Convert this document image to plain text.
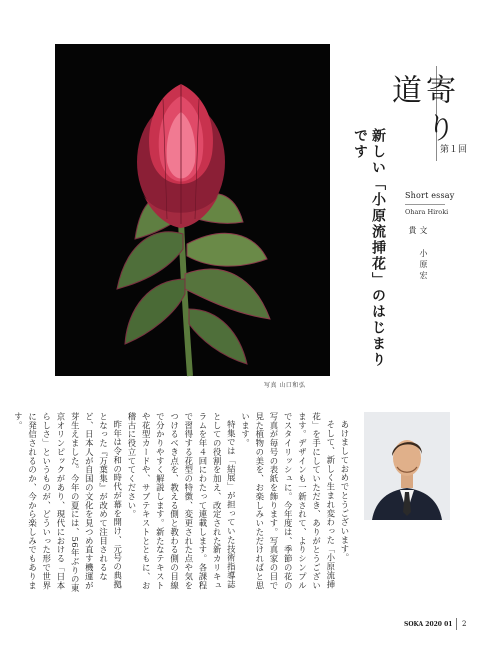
写真 山口和弘
寄り道
第１回
新しい「小原流挿花」のはじまりです
Short essay
Ohara Hiroki
文 小原宏貴

あけましておめでとうございます。

そして、新しく生まれ変わった「小原流挿花」を手にしていただき、ありがとうございます。デザインも一新されて、よりシンプルでスタイリッシュに。今年度は、季節の花の写真が毎号の表紙を飾ります。写真家の目で見た植物の美を、お楽しみいただければと思います。

特集では「結展」が担っていた技術指導誌としての役割を加え、改定された新カリキュラムを年４回にわたって連載します。各課程で習得する花型の特徴、変更された点や気をつけるべき点を、教える側と教わる側の目線で分かりやすく解説します。新たなテキストや花型カードや、サブテキストとともに、お稽古に役立ててください。

昨年は令和の時代が幕を開け、元号の典拠となった『万葉集』が改めて注目されるなど、日本人が自国の文化を見つめ直す機運が芽生えました。今年の夏には、56年ぶりの東京オリンピックがあり、現代における「日本らしさ」というものが、どういった形で世界に発信されるのか、今から楽しみでもあります。

SOKA 2020 01 2
